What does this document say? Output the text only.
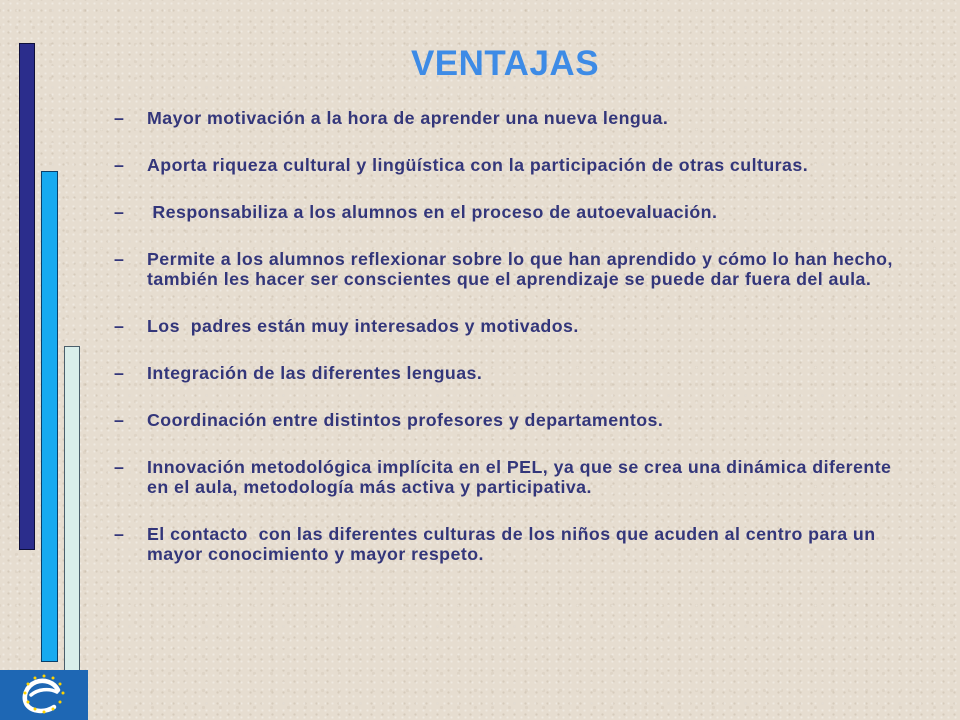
VENTAJAS
– Mayor motivación a la hora de aprender una nueva lengua.
– Aporta riqueza cultural y lingüística con la participación de otras culturas.
– Responsabiliza a los alumnos en el proceso de autoevaluación.
– Permite a los alumnos reflexionar sobre lo que han aprendido y cómo lo han hecho, también les hacer ser conscientes que el aprendizaje se puede dar fuera del aula.
– Los  padres están muy interesados y motivados.
– Integración de las diferentes lenguas.
– Coordinación entre distintos profesores y departamentos.
– Innovación metodológica implícita en el PEL, ya que se crea una dinámica diferente en el aula, metodología más activa y participativa.
– El contacto  con las diferentes culturas de los niños que acuden al centro para un mayor conocimiento y mayor respeto.
